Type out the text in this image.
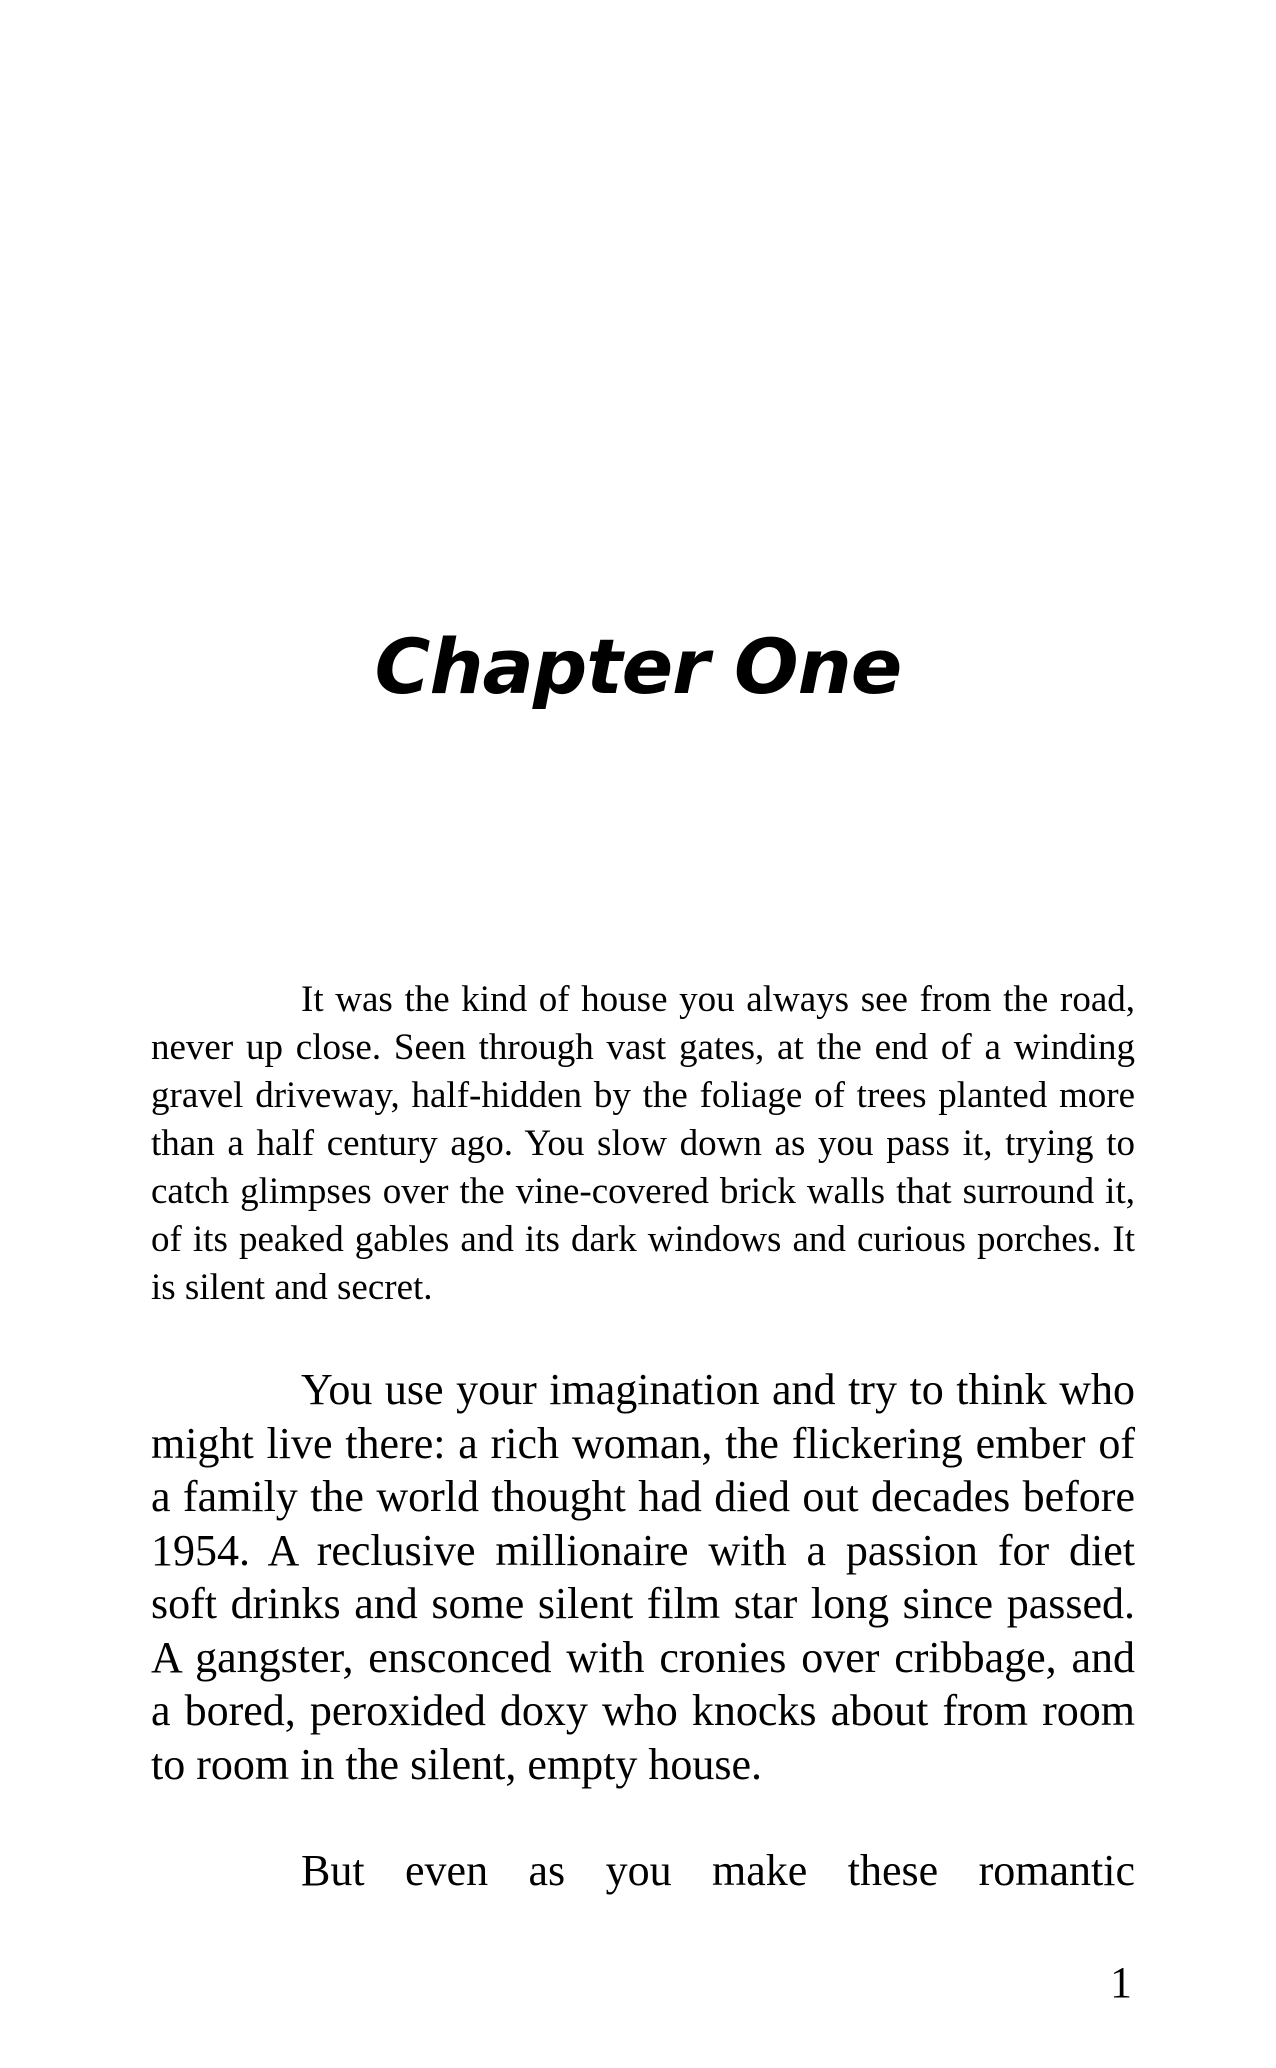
Chapter One

It was the kind of house you always see from the road, never up close. Seen through vast gates, at the end of a winding gravel driveway, half-hidden by the foliage of trees planted more than a half century ago. You slow down as you pass it, trying to catch glimpses over the vine-covered brick walls that surround it, of its peaked gables and its dark windows and curious porches. It is silent and secret.

You use your imagination and try to think who might live there: a rich woman, the flickering ember of a family the world thought had died out decades before 1954. A reclusive millionaire with a passion for diet soft drinks and some silent film star long since passed. A gangster, ensconced with cronies over cribbage, and a bored, peroxided doxy who knocks about from room to room in the silent, empty house.

But even as you make these romantic

1
